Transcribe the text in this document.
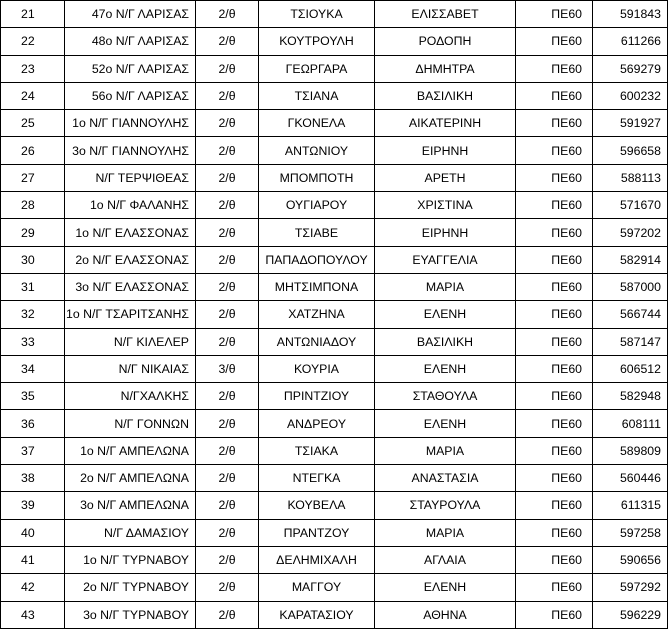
21	47ο Ν/Γ ΛΑΡΙΣΑΣ	2/θ	ΤΣΙΟΥΚΑ	ΕΛΙΣΣΑΒΕΤ	ΠΕ60	591843
22	48ο Ν/Γ ΛΑΡΙΣΑΣ	2/θ	ΚΟΥΤΡΟΥΛΗ	ΡΟΔΟΠΗ	ΠΕ60	611266
23	52ο Ν/Γ ΛΑΡΙΣΑΣ	2/θ	ΓΕΩΡΓΑΡΑ	ΔΗΜΗΤΡΑ	ΠΕ60	569279
24	56ο Ν/Γ ΛΑΡΙΣΑΣ	2/θ	ΤΣΙΑΝΑ	ΒΑΣΙΛΙΚΗ	ΠΕ60	600232
25	1ο Ν/Γ ΓΙΑΝΝΟΥΛΗΣ	2/θ	ΓΚΟΝΕΛΑ	ΑΙΚΑΤΕΡΙΝΗ	ΠΕ60	591927
26	3ο Ν/Γ ΓΙΑΝΝΟΥΛΗΣ	2/θ	ΑΝΤΩΝΙΟΥ	ΕΙΡΗΝΗ	ΠΕ60	596658
27	Ν/Γ ΤΕΡΨΙΘΕΑΣ	2/θ	ΜΠΟΜΠΟΤΗ	ΑΡΕΤΗ	ΠΕ60	588113
28	1ο Ν/Γ ΦΑΛΑΝΗΣ	2/θ	ΟΥΓΙΑΡΟΥ	ΧΡΙΣΤΙΝΑ	ΠΕ60	571670
29	1ο Ν/Γ ΕΛΑΣΣΟΝΑΣ	2/θ	ΤΣΙΑΒΕ	ΕΙΡΗΝΗ	ΠΕ60	597202
30	2ο Ν/Γ ΕΛΑΣΣΟΝΑΣ	2/θ	ΠΑΠΑΔΟΠΟΥΛΟΥ	ΕΥΑΓΓΕΛΙΑ	ΠΕ60	582914
31	3ο Ν/Γ ΕΛΑΣΣΟΝΑΣ	2/θ	ΜΗΤΣΙΜΠΟΝΑ	ΜΑΡΙΑ	ΠΕ60	587000
32	1ο Ν/Γ ΤΣΑΡΙΤΣΑΝΗΣ	2/θ	ΧΑΤΖΗΝΑ	ΕΛΕΝΗ	ΠΕ60	566744
33	Ν/Γ ΚΙΛΕΛΕΡ	2/θ	ΑΝΤΩΝΙΑΔΟΥ	ΒΑΣΙΛΙΚΗ	ΠΕ60	587147
34	Ν/Γ ΝΙΚΑΙΑΣ	3/θ	ΚΟΥΡΙΑ	ΕΛΕΝΗ	ΠΕ60	606512
35	Ν/ΓΧΑΛΚΗΣ	2/θ	ΠΡΙΝΤΖΙΟΥ	ΣΤΑΘΟΥΛΑ	ΠΕ60	582948
36	Ν/Γ ΓΟΝΝΩΝ	2/θ	ΑΝΔΡΕΟΥ	ΕΛΕΝΗ	ΠΕ60	608111
37	1ο Ν/Γ ΑΜΠΕΛΩΝΑ	2/θ	ΤΣΙΑΚΑ	ΜΑΡΙΑ	ΠΕ60	589809
38	2ο Ν/Γ ΑΜΠΕΛΩΝΑ	2/θ	ΝΤΕΓΚΑ	ΑΝΑΣΤΑΣΙΑ	ΠΕ60	560446
39	3ο Ν/Γ ΑΜΠΕΛΩΝΑ	2/θ	ΚΟΥΒΕΛΑ	ΣΤΑΥΡΟΥΛΑ	ΠΕ60	611315
40	Ν/Γ ΔΑΜΑΣΙΟΥ	2/θ	ΠΡΑΝΤΖΟΥ	ΜΑΡΙΑ	ΠΕ60	597258
41	1ο Ν/Γ ΤΥΡΝΑΒΟΥ	2/θ	ΔΕΛΗΜΙΧΑΛΗ	ΑΓΛΑΙΑ	ΠΕ60	590656
42	2ο Ν/Γ ΤΥΡΝΑΒΟΥ	2/θ	ΜΑΓΓΟΥ	ΕΛΕΝΗ	ΠΕ60	597292
43	3ο Ν/Γ ΤΥΡΝΑΒΟΥ	2/θ	ΚΑΡΑΤΑΣΙΟΥ	ΑΘΗΝΑ	ΠΕ60	596229
